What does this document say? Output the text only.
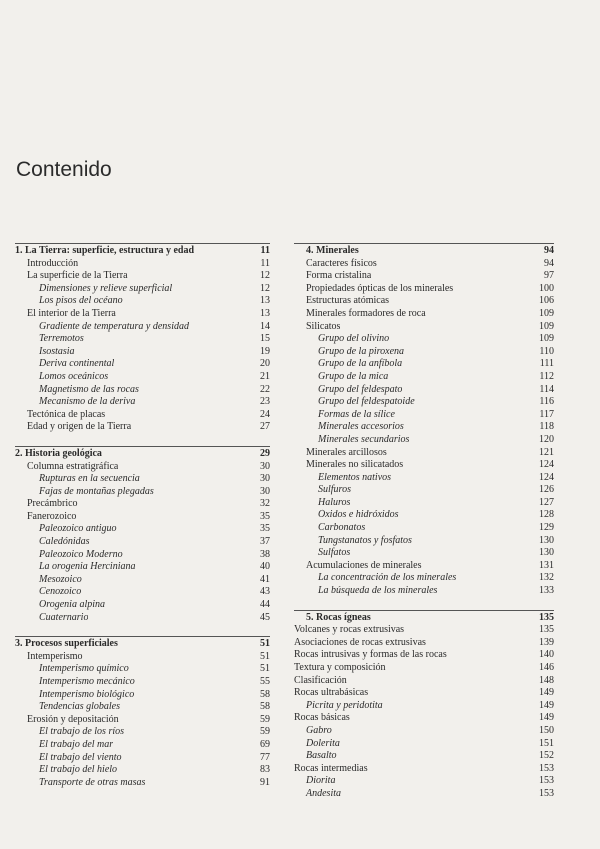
Contenido
1. La Tierra: superficie, estructura y edad	11
Introducción	11
La superficie de la Tierra	12
Dimensiones y relieve superficial	12
Los pisos del océano	13
El interior de la Tierra	13
Gradiente de temperatura y densidad	14
Terremotos	15
Isostasia	19
Deriva continental	20
Lomos oceánicos	21
Magnetismo de las rocas	22
Mecanismo de la deriva	23
Tectónica de placas	24
Edad y origen de la Tierra	27
2. Historia geológica	29
Columna estratigráfica	30
Rupturas en la secuencia	30
Fajas de montañas plegadas	30
Precámbrico	32
Fanerozoico	35
Paleozoico antiguo	35
Caledónidas	37
Paleozoico Moderno	38
La orogenia Herciniana	40
Mesozoico	41
Cenozoico	43
Orogenia alpina	44
Cuaternario	45
3. Procesos superficiales	51
Intemperismo	51
Intemperismo químico	51
Intemperismo mecánico	55
Intemperismo biológico	58
Tendencias globales	58
Erosión y depositación	59
El trabajo de los ríos	59
El trabajo del mar	69
El trabajo del viento	77
El trabajo del hielo	83
Transporte de otras masas	91
4. Minerales	94
Caracteres físicos	94
Forma cristalina	97
Propiedades ópticas de los minerales	100
Estructuras atómicas	106
Minerales formadores de roca	109
Silicatos	109
Grupo del olivino	109
Grupo de la piroxena	110
Grupo de la anfíbola	111
Grupo de la mica	112
Grupo del feldespato	114
Grupo del feldespatoide	116
Formas de la sílice	117
Minerales accesorios	118
Minerales secundarios	120
Minerales arcillosos	121
Minerales no silicatados	124
Elementos nativos	124
Sulfuros	126
Haluros	127
Óxidos e hidróxidos	128
Carbonatos	129
Tungstanatos y fosfatos	130
Sulfatos	130
Acumulaciones de minerales	131
La concentración de los minerales	132
La búsqueda de los minerales	133
5. Rocas ígneas	135
Volcanes y rocas extrusivas	135
Asociaciones de rocas extrusivas	139
Rocas intrusivas y formas de las rocas	140
Textura y composición	146
Clasificación	148
Rocas ultrabásicas	149
Picrita y peridotita	149
Rocas básicas	149
Gabro	150
Dolerita	151
Basalto	152
Rocas intermedias	153
Diorita	153
Andesita	153
